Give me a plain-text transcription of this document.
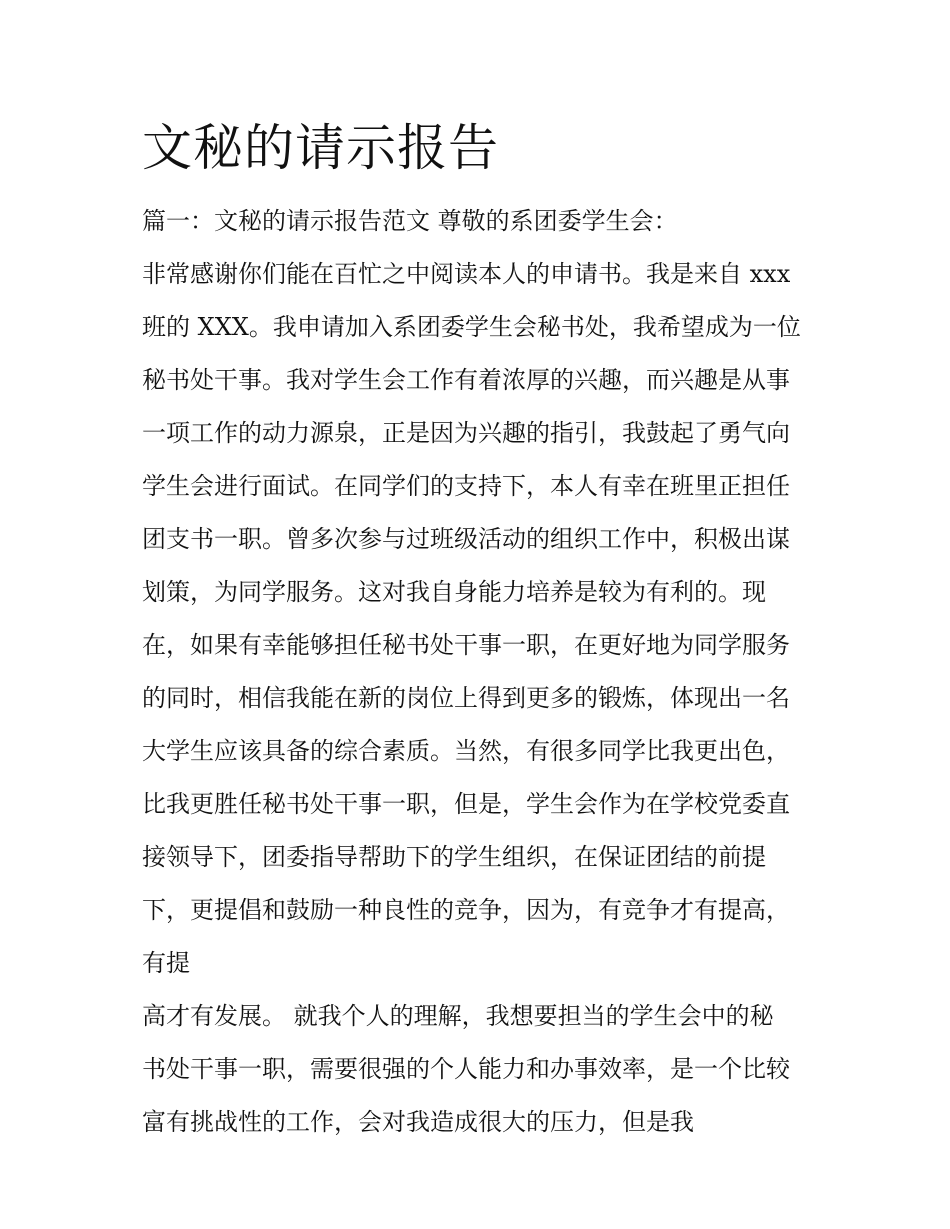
文秘的请示报告
篇一：文秘的请示报告范文 尊敬的系团委学生会：
非常感谢你们能在百忙之中阅读本人的申请书。我是来自 xxx
班的 XXX。我申请加入系团委学生会秘书处，我希望成为一位
秘书处干事。我对学生会工作有着浓厚的兴趣，而兴趣是从事
一项工作的动力源泉，正是因为兴趣的指引，我鼓起了勇气向
学生会进行面试。在同学们的支持下，本人有幸在班里正担任
团支书一职。曾多次参与过班级活动的组织工作中，积极出谋
划策，为同学服务。这对我自身能力培养是较为有利的。现
在，如果有幸能够担任秘书处干事一职，在更好地为同学服务
的同时，相信我能在新的岗位上得到更多的锻炼，体现出一名
大学生应该具备的综合素质。当然，有很多同学比我更出色，
比我更胜任秘书处干事一职，但是，学生会作为在学校党委直
接领导下，团委指导帮助下的学生组织，在保证团结的前提
下，更提倡和鼓励一种良性的竞争，因为，有竞争才有提高，
有提
高才有发展。 就我个人的理解，我想要担当的学生会中的秘
书处干事一职，需要很强的个人能力和办事效率，是一个比较
富有挑战性的工作，会对我造成很大的压力，但是我
